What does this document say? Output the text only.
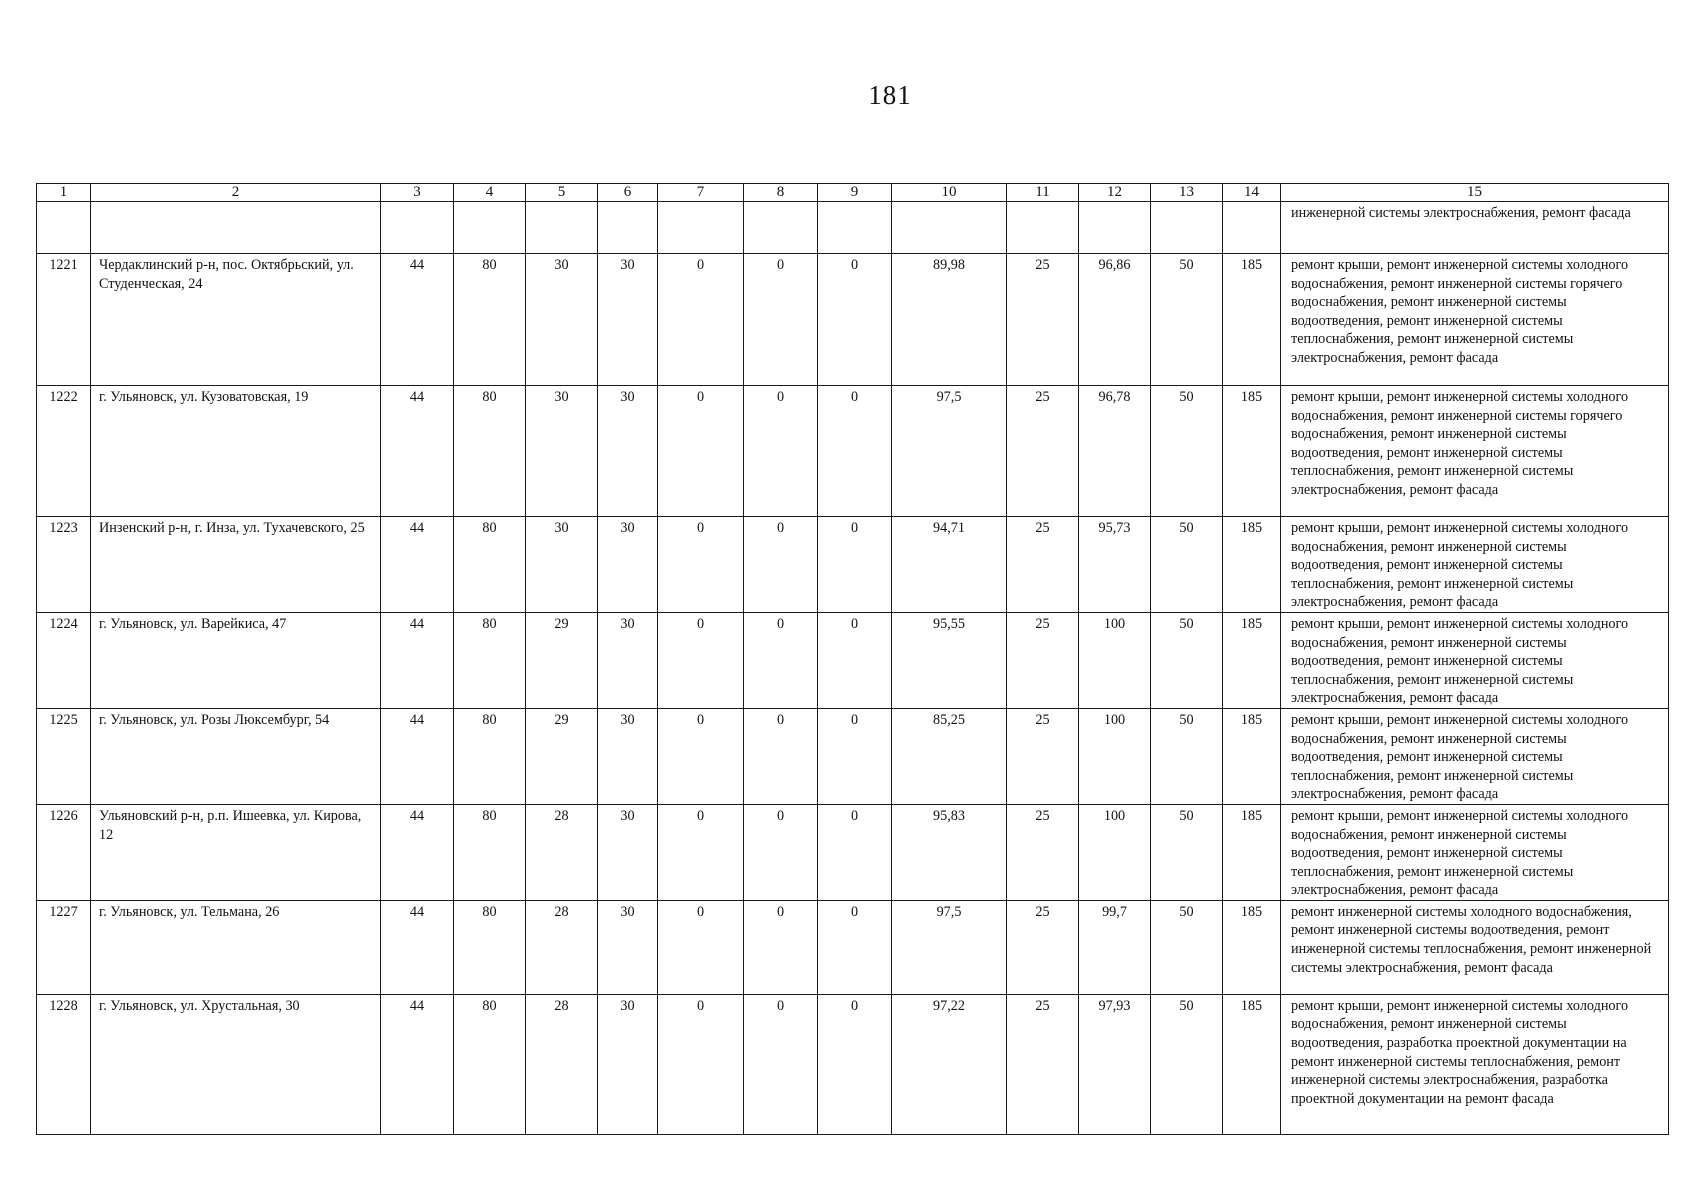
181
1	2	3	4	5	6	7	8	9	10	11	12	13	14	15
														инженерной системы электроснабжения, ремонт фасада
1221	Чердаклинский р-н, пос. Октябрьский, ул. Студенческая, 24	44	80	30	30	0	0	0	89,98	25	96,86	50	185	ремонт крыши, ремонт инженерной системы холодного водоснабжения, ремонт инженерной системы горячего водоснабжения, ремонт инженерной системы водоотведения, ремонт инженерной системы теплоснабжения, ремонт инженерной системы электроснабжения, ремонт фасада
1222	г. Ульяновск, ул. Кузоватовская, 19	44	80	30	30	0	0	0	97,5	25	96,78	50	185	ремонт крыши, ремонт инженерной системы холодного водоснабжения, ремонт инженерной системы горячего водоснабжения, ремонт инженерной системы водоотведения, ремонт инженерной системы теплоснабжения, ремонт инженерной системы электроснабжения, ремонт фасада
1223	Инзенский р-н, г. Инза, ул. Тухачевского, 25	44	80	30	30	0	0	0	94,71	25	95,73	50	185	ремонт крыши, ремонт инженерной системы холодного водоснабжения, ремонт инженерной системы водоотведения, ремонт инженерной системы теплоснабжения, ремонт инженерной системы электроснабжения, ремонт фасада
1224	г. Ульяновск, ул. Варейкиса, 47	44	80	29	30	0	0	0	95,55	25	100	50	185	ремонт крыши, ремонт инженерной системы холодного водоснабжения, ремонт инженерной системы водоотведения, ремонт инженерной системы теплоснабжения, ремонт инженерной системы электроснабжения, ремонт фасада
1225	г. Ульяновск, ул. Розы Люксембург, 54	44	80	29	30	0	0	0	85,25	25	100	50	185	ремонт крыши, ремонт инженерной системы холодного водоснабжения, ремонт инженерной системы водоотведения, ремонт инженерной системы теплоснабжения, ремонт инженерной системы электроснабжения, ремонт фасада
1226	Ульяновский р-н, р.п. Ишеевка, ул. Кирова, 12	44	80	28	30	0	0	0	95,83	25	100	50	185	ремонт крыши, ремонт инженерной системы холодного водоснабжения, ремонт инженерной системы водоотведения, ремонт инженерной системы теплоснабжения, ремонт инженерной системы электроснабжения, ремонт фасада
1227	г. Ульяновск, ул. Тельмана, 26	44	80	28	30	0	0	0	97,5	25	99,7	50	185	ремонт инженерной системы холодного водоснабжения, ремонт инженерной системы водоотведения, ремонт инженерной системы теплоснабжения, ремонт инженерной системы электроснабжения, ремонт фасада
1228	г. Ульяновск, ул. Хрустальная, 30	44	80	28	30	0	0	0	97,22	25	97,93	50	185	ремонт крыши, ремонт инженерной системы холодного водоснабжения, ремонт инженерной системы водоотведения, разработка проектной документации на ремонт инженерной системы теплоснабжения, ремонт инженерной системы электроснабжения, разработка проектной документации на ремонт фасада
